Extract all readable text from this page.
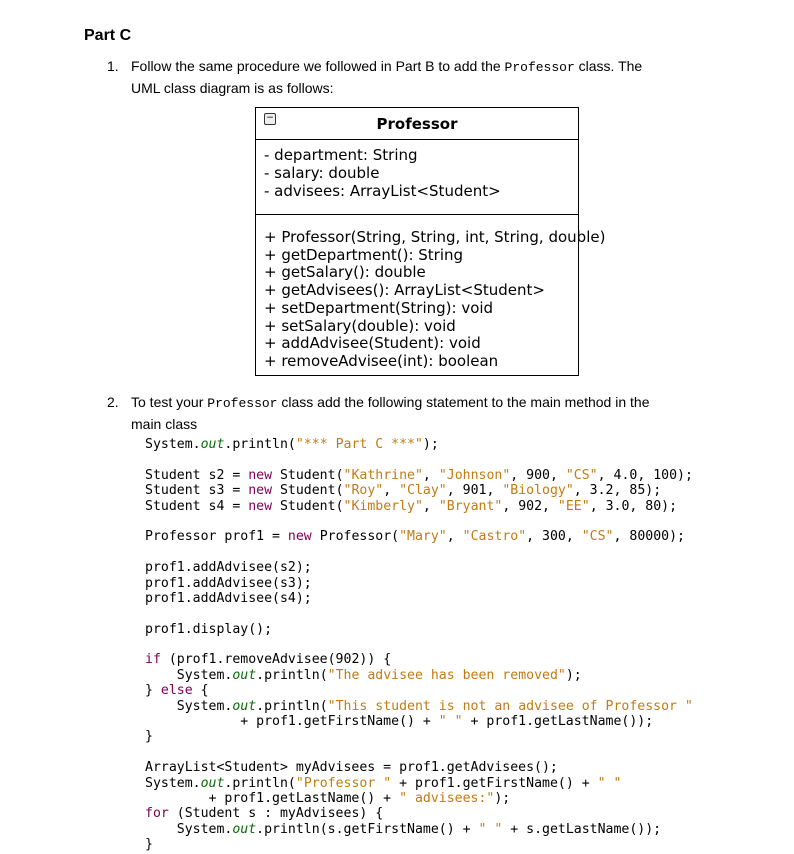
Part C
1. Follow the same procedure we followed in Part B to add the Professor class. The
UML class diagram is as follows:
Professor
−
- department: String
- salary: double
- advisees: ArrayList<Student>
+ Professor(String, String, int, String, double)
+ getDepartment(): String
+ getSalary(): double
+ getAdvisees(): ArrayList<Student>
+ setDepartment(String): void
+ setSalary(double): void
+ addAdvisee(Student): void
+ removeAdvisee(int): boolean
2. To test your Professor class add the following statement to the main method in the
main class
System.out.println("*** Part C ***");
Student s2 = new Student("Kathrine", "Johnson", 900, "CS", 4.0, 100);
Student s3 = new Student("Roy", "Clay", 901, "Biology", 3.2, 85);
Student s4 = new Student("Kimberly", "Bryant", 902, "EE", 3.0, 80);
Professor prof1 = new Professor("Mary", "Castro", 300, "CS", 80000);
prof1.addAdvisee(s2);
prof1.addAdvisee(s3);
prof1.addAdvisee(s4);
prof1.display();
if (prof1.removeAdvisee(902)) {
System.out.println("The advisee has been removed");
} else {
System.out.println("This student is not an advisee of Professor "
+ prof1.getFirstName() + " " + prof1.getLastName());
}
ArrayList<Student> myAdvisees = prof1.getAdvisees();
System.out.println("Professor " + prof1.getFirstName() + " "
+ prof1.getLastName() + " advisees:");
for (Student s : myAdvisees) {
System.out.println(s.getFirstName() + " " + s.getLastName());
}
